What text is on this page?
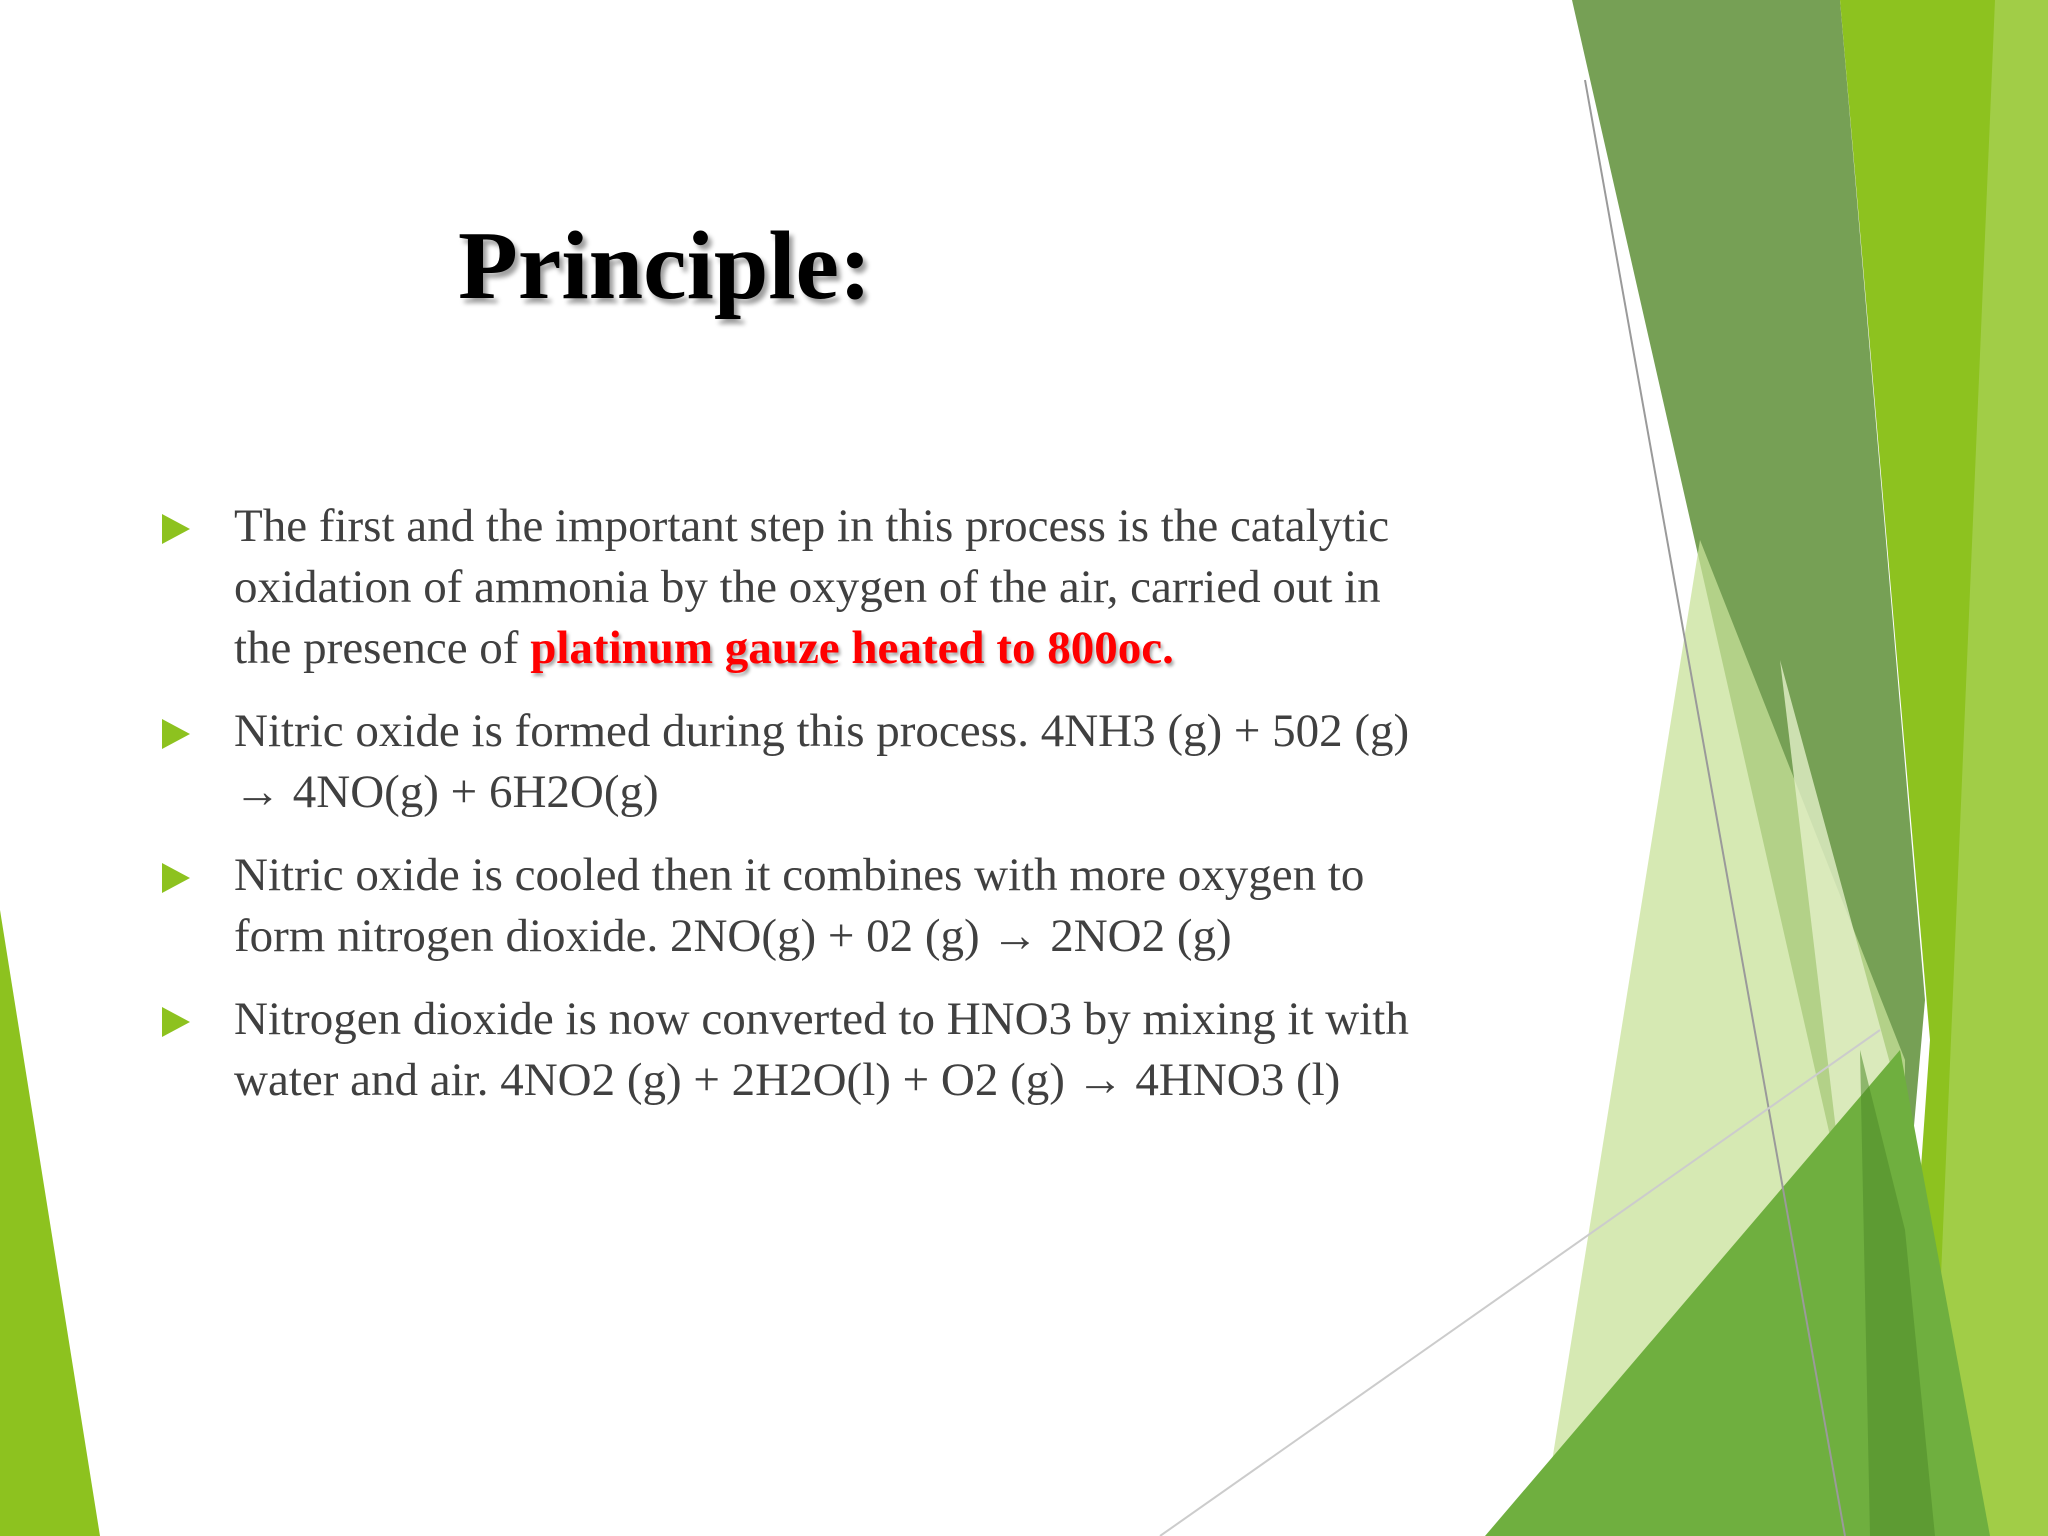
Principle:
The first and the important step in this process is the catalytic
oxidation of ammonia by the oxygen of the air, carried out in
the presence of platinum gauze heated to 800oc.
Nitric oxide is formed during this process. 4NH3 (g) + 502 (g)
→ 4NO(g) + 6H2O(g)
Nitric oxide is cooled then it combines with more oxygen to
form nitrogen dioxide. 2NO(g) + 02 (g) → 2NO2 (g)
Nitrogen dioxide is now converted to HNO3 by mixing it with
water and air. 4NO2 (g) + 2H2O(l) + O2 (g) → 4HNO3 (l)
